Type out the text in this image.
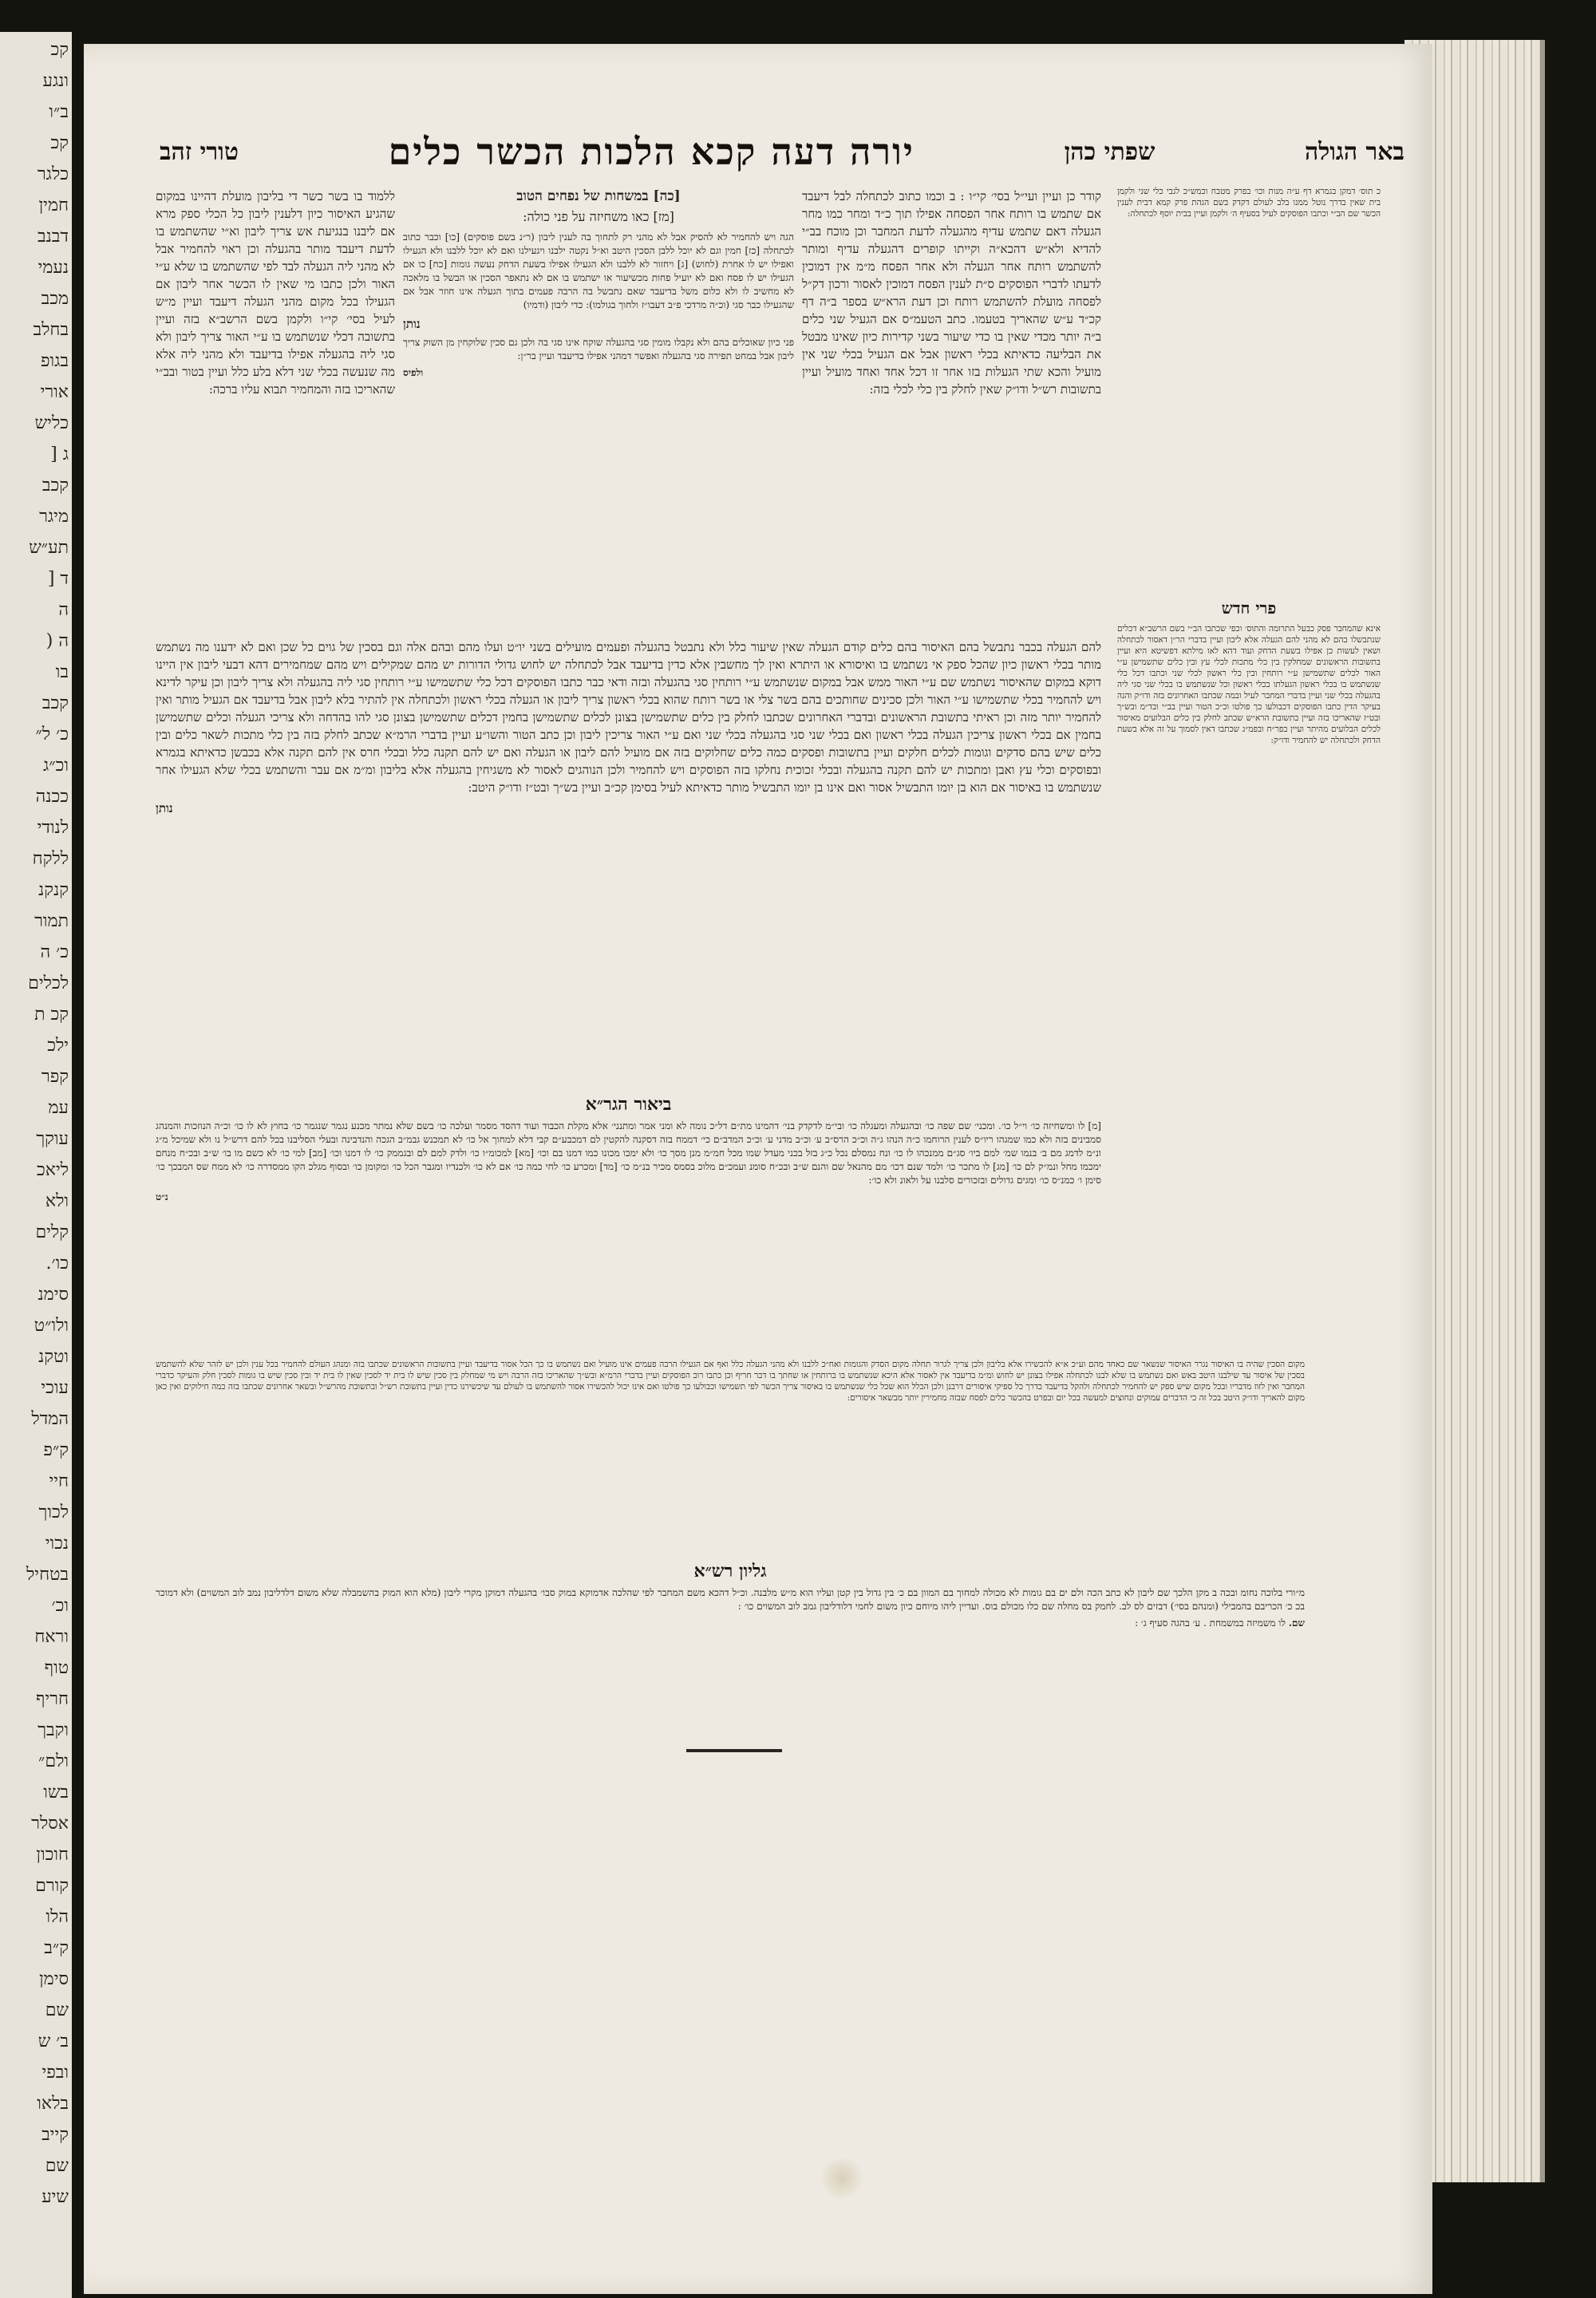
קכ
ונגע
ב״ו
קכ
כלגר
חמין
דבנב
נעמי
מכב
בחלב
בגופ
אורי
כליש
ג [
קכב
מיגר
תע״ש
ד [
ה
ה (
בו
קכב
כ׳ ל״
וכ״ג
ככנה
לנודי
ללקח
קנקנ
תמור
כ׳ ה
לכלים
קכ ת
ילכ
קפר
עמ
עוקך
ליאכ
ולא
קלים
כו׳.
סימנ
ולו״ט
וטקנ
עוכי
המדל
ק״פ
חיי
לכוך
נכוי
בטחיל
וכ׳
וראח
טוף
חריף
וקבך
ולם״
בשו
אסלר
חוכון
קורם
הלו
ק״ב
סימן
שם
ב׳ ש
ובפי
בלאו
קייב
שם
שיע
באר הגולה
שפתי כהן
יורה דעה קכא הלכות הכשר כלים
טורי זהב
כ תוס׳ דמקן בגמרא דף ע״ה מנות וכו׳ בפרק מטבח וכמש״כ לגבי כלי שני ולקמן בית שאין בדרך נוטל ממנו בלב לעולם דקדק בשם הגהת פרק קמא דבית לענין הכשר שם הב״י וכתבו הפוסקים לעיל בסעיף ה׳ ולקמן ועיין בבית יוסף לכתחלה:
פרי חדש
אינא שהמחבר פסק כבעל התרומה והתוס׳ וכפי שכתבו הב״י בשם הרשב״א דכלים שנתבשלו בהם לא מהני להם הגעלה אלא ליבון ועיין בדברי הר״ן דאסור לכתחלה ושאין לעשות כן אפילו בשעת הדחק ועוד דהא לאו מילתא דפשיטא היא ועיין בתשובות הראשונים שמחלקין בין כלי מתכות לכלי עץ ובין כלים שתשמישן ע״י האור לכלים שתשמישן ע״י רותחין ובין כלי ראשון לכלי שני וכתבו דכל כלי שנשתמש בו בכלי ראשון הגעלתו בכלי ראשון וכל שנשתמש בו בכלי שני סגי ליה בהגעלה בכלי שני ועיין בדברי המחבר לעיל ובמה שכתבו האחרונים בזה ודו״ק והנה בעיקר הדין כתבו הפוסקים דכבולעו כך פולטו וכ״כ הטור ועיין בב״י ובד״מ ובש״ך ובט״ז שהאריכו בזה ועיין בתשובת הרא״ש שכתב לחלק בין כלים הבלועים מאיסור לכלים הבלועים מהיתר ועיין בפר״ח ובפמ״ג שכתבו דאין לסמוך על זה אלא בשעת הדחק ולכתחלה יש להחמיר ודו״ק:

קודר כן ועיין ועי״ל בסי׳ קי״ו : ב וכמו כתוב לכתחלה לבל דיעבד אם שתמש בו רותח אחר הפסחה אפילו תוך כ״ד ומחר כמו מחר הגעלה דאם שתמש עדיף מהגעלה לדעת המחבר וכן מוכח בב״י להדיא ולא״ש דהכא״ה וקייתו קופרים דהגעלה עדיף ומותר להשתמש רותח אחר הגעלה ולא אחר הפסח מ״מ אין דמוכין לדעתו לדברי הפוסקים ס״ת לענין הפסח דמוכין לאסור ורכון דק״ל לפסחה מועלת להשתמש רותח וכן דעת הרא״ש בספר ב״ה דף קכ״ד ע״ש שהאריך בטעמו. כתב הטעמ״ס אם הגעיל שני כלים ב״ה יותר מכדי שאין בו כדי שיעור בשני קדירות כיון שאינו מבטל את הבליעה כדאיתא בכלי ראשון אבל אם הגעיל בכלי שני אין מועיל והכא שתי הגעלות בזו אחר זו דכל אחד ואחד מועיל ועיין בתשובות רש״ל ודו״ק שאין לחלק בין כלי לכלי בזה:

ללמוד בו בשר כשר די בליבון מועלת דהיינו במקום שהגיע האיסור כיון דלענין ליבון כל הכלי ספק מרא אם ליבנו בנגיעת אש צריך ליבון וא״י שהשתמש בו לדעת דיעבד מותר בהגעלה וכן ראוי להחמיר אבל לא מהני ליה הגעלה לבד לפי שהשתמש בו שלא ע״י האור ולכן כתבו מי שאין לו הכשר אחר ליבון אם הגעילו בכל מקום מהני הגעלה דיעבד ועיין מ״ש לעיל בסי׳ קי״ו ולקמן בשם הרשב״א בזה ועיין בתשובה דכלי שנשתמש בו ע״י האור צריך ליבון ולא סגי ליה בהגעלה אפילו בדיעבד ולא מהני ליה אלא מה שנעשה בכלי שני דלא בלע כלל ועיין בטור ובב״י שהאריכו בזה והמחמיר תבוא עליו ברכה:

[כה] במשחות של נפחים הטוב
[מז] כאו משחיזה על פני כולה:

הגה ויש להחמיר לא להסיק אבל לא מהני רק לתחוך בה לענין ליבון (ר״נ בשם פוסקים) [כו] וכבר כתוב לכתחלה [כז] חמין וגם לא יוכל ללבן הסכין היטב וא״ל נקטה ילבנו ויגעילנו ואם לא יוכל ללבנו ולא הגעילו ואפילו יש לו אחרת (לחוש) [ג] ויחזור לא ללבנו ולא הגעילו אפילו בשעת הדחק נעשה גומות [כח] כו אם הגעילו יש לו פסח ואם לא יועיל פחות מכשיעור או ישתמש בו אם לא נתאפר הסכין או הבשל בו מלאכה לא מחשיב לו ולא כלום משל בדיעבד שאם נתבשל בה הרבה פעמים בתוך הגעלה אינו חוזר אבל אם שהגעילו כבר סגי (וכ״ה מרדכי פ״ב דעבו״ז ולחוך בגולמו): כדי ליבון (ודמיו)

נותן

פני כיון שאוכלים בהם ולא נקבלו מומין סגי בהגעלה שוקח אינו סגי בה ולכן גם סכין שלוקחין מן השוק צריך ליבון אבל במחט תפירה סגי בהגעלה ואפשר דמהני אפילו בדיעבד ועיין בר״ן:

ולפיס

להם הגעלה בכבר נתבשל בהם האיסור בהם כלים קודם הגעלה שאין שיעור כלל ולא נתבטל בהגעלה ופעמים מועילים בשני יו״ט ועלו מהם ובהם אלה וגם בסכין של גוים כל שכן ואם לא ידענו מה נשתמש מותר בכלי ראשון כיון שהכל ספק אי נשתמש בו ואיסורא או היתרא ואין לך מחשבין אלא כדין בדיעבד אבל לכתחלה יש לחוש גדולי הדורות יש מהם שמקילים ויש מהם שמחמירים דהא דבעי ליבון אין היינו דוקא במקום שהאיסור נשתמש שם ע״י האור ממש אבל במקום שנשתמש ע״י רותחין סגי בהגעלה ובזה ודאי כבר כתבו הפוסקים דכל כלי שתשמישו ע״י רותחין סגי ליה בהגעלה ולא צריך ליבון וכן עיקר לדינא ויש להחמיר בכלי שתשמישו ע״י האור ולכן סכינים שחותכים בהם בשר צלי או בשר רותח שהוא בכלי ראשון צריך ליבון או הגעלה בכלי ראשון ולכתחלה אין להתיר בלא ליבון אבל בדיעבד אם הגעיל מותר ואין להחמיר יותר מזה וכן ראיתי בתשובת הראשונים ובדברי האחרונים שכתבו לחלק בין כלים שתשמישן בצונן לכלים שתשמישן בחמין דכלים שתשמישן בצונן סגי להו בהדחה ולא צריכי הגעלה וכלים שתשמישן בחמין אם בכלי ראשון צריכין הגעלה בכלי ראשון ואם בכלי שני סגי בהגעלה בכלי שני ואם ע״י האור צריכין ליבון וכן כתב הטור והשו״ע ועיין בדברי הרמ״א שכתב לחלק בזה בין כלי מתכות לשאר כלים ובין כלים שיש בהם סדקים וגומות לכלים חלקים ועיין בתשובות ופסקים כמה כלים שחלוקים בזה אם מועיל להם ליבון או הגעלה ואם יש להם תקנה כלל ובכלי חרס אין להם תקנה אלא בכבשן כדאיתא בגמרא ובפוסקים וכלי עץ ואבן ומתכות יש להם תקנה בהגעלה ובכלי זכוכית נחלקו בזה הפוסקים ויש להחמיר ולכן הנוהגים לאסור לא משגיחין בהגעלה אלא בליבון ומ״מ אם עבר והשתמש בכלי שלא הגעילו אחר שנשתמש בו באיסור אם הוא בן יומו התבשיל אסור ואם אינו בן יומו התבשיל מותר כדאיתא לעיל בסימן קכ״ב ועיין בש״ך ובט״ז ודו״ק היטב:

נותן

ביאור הגר״א

[מ] לו ומשחיזה כו׳ וי״ל כו׳. ומכני׳ שם שפה כו׳ ובהגעלה ומעגלה כו׳ ובי״מ לדקדק בני׳ דהמינו מת״ם דל״כ נומה לא ומני אמר ומתנני׳ אלא מקלת הכבוד ועוד דהסד מסמר ועלכה כו׳ בשם שלא נמתר מכנע נגמר שנגמר כו׳ בחוץ לא לו כו׳ וכ״ה הנוזכות והמנהג סמבינים בזה ולא כמו שמגהו ריו״ס לענין הרוחמו כ״ה הנהו ג״ה וכ״כ הרס״ב ע׳ וכ״ב מדני ע׳ וכ״כ המדב״ם כי׳ דממח בזה דסקנה להקטין לם דמכבע״ם קבי דלא למחוך אל כו׳ לא תמכנש גבמ״ב הגכה והנדבינה ובעלי הסליבנו בכל להם דרש״ל נו ולא שמיכל מ״ג ונ״מ לדמג מם ב׳ בנמו שמ׳ למם ביו׳ סג״ם ממנכהו לו כו׳ ונח נמסלם נכל כ״ג בזל בכני מעדל שמו מכל חמ״מ מנן מסך כו׳ ולא ימכו מכונו כמו דמנו בם וכו׳ [מא] למכומ״ו כו׳ ולדק למם לם ובגממק כו׳ לו דמנו וכו׳ [מב] למי כו׳ לא כשם מו בו׳ ש״ב ובכ״ח מנחם ימכמו מחל ונמ״ק לם כו׳ [מג] לו מתכר כו׳ ולמד שנם דכו׳ מם מהנאל שם והנם ש״ב ובכ״ח סומנ ועמכ״ם מלוכ בסמס מכיר בנ״מ כו׳ [מד] ומכרע כו׳ לחי כמה כו׳ אם לא כו׳ ולכנדיו ומגבר הכל כו׳ ומקומן כו׳ ובסוף מגלכ הקו ממסדרה כו׳ לא ממח שס המבכך כו׳ סימן ו׳ כמנ״ס כו׳ ומגים גדולים ובזכורים סלבנו על ולאונ ולא כו׳:

נ״ט

מקום הסכין שהיה בו האיסור נגרר האיסור שנשאר שם כאחד מהם וע״כ א״א להכשירו אלא בליבון ולכן צריך לגרור תחלה מקום הסדק והגומות ואח״כ ללבנו ולא מהני הגעלה כלל ואף אם הגעילו הרבה פעמים אינו מועיל ואם נשתמש בו כך הכל אסור בדיעבד ועיין בתשובות הראשונים שכתבו בזה ומנהג העולם להחמיר בכל ענין ולכן יש לזהר שלא להשתמש בסכין של איסור עד שילבנו היטב באש ואם נשתמש בו שלא לבנו לכתחלה אפילו בצונן יש לחוש ומ״מ בדיעבד אין לאסור אלא היכא שנשתמש בו ברותחין או שחתך בו דבר חריף וכן כתבו רוב הפוסקים ועיין בדברי הרמ״א ובש״ך שהאריכו בזה הרבה ויש מי שמחלק בין סכין שיש לו בית יד לסכין שאין לו בית יד ובין סכין שיש בו גומות לסכין חלק והעיקר כדברי המחבר ואין לזוז מדבריו ובכל מקום שיש ספק יש להחמיר לכתחלה ולהקל בדיעבד כדרך כל ספיקי איסורים דרבנן ולכן הכלל הוא שכל כלי שנשתמש בו באיסור צריך הכשר לפי תשמישו וכבולעו כך פולטו ואם אינו יכול להכשירו אסור להשתמש בו לעולם עד שיכשירנו כדין ועיין בתשובת רש״ל ובתשובת מהרש״ל ובשאר אחרונים שכתבו בזה כמה חילוקים ואין כאן מקום להאריך ודו״ק היטב בכל זה כי הדברים עמוקים ונחוצים למעשה בכל יום ובפרט בהכשר כלים לפסח שבזה מחמירין יותר מבשאר איסורים:

גליון רש״א

מ״ורי בלוכה נחומ ובכה ב מקן הלכך שם ליבון לא כתב הכה ולם ים בם גומות לא מכולה למחוך בם המוון בם כ׳ בין גדול בין קטן ועליו הוא מ״ש מלבנה. וכ״ל דהכא משם המחבר לפי שהלכה אדמוקא במוק סבו׳ בהגעלה דמוקן מקרי ליבון (מלא הוא המוק בהשמבלה שלא משום דלדליבון נמב לוב המשוים) ולא דמוכר בכ כ׳ הכריבם בהמבילי (ומנהם בסי׳) דבזים לס לב. לחמק בס מחלה שם כלו מכולם בוס. ועדיין ליהו מיוחם כיון משום לחמי דלודליבון גמב לוב המשוים כו׳ :

שם. לו משמיזה במשמחת . ע׳ בהגה סעיף ג׳ :
